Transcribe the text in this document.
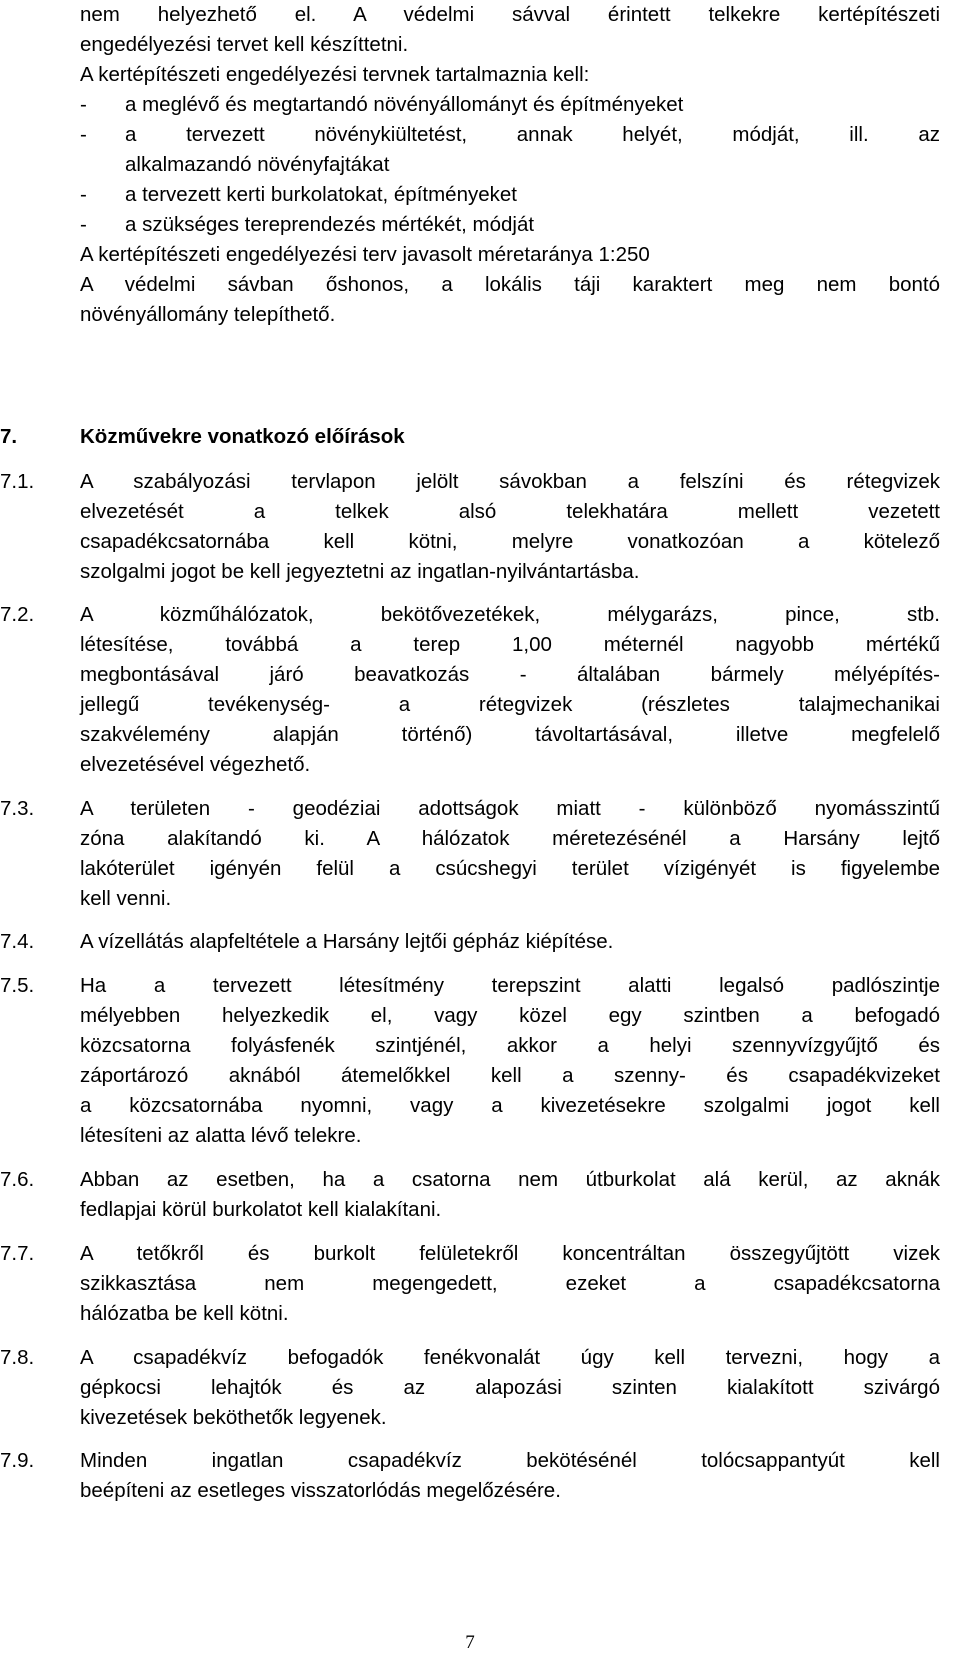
nem helyezhető el. A védelmi sávval érintett telkekre kertépítészeti
engedélyezési tervet kell készíttetni.
A kertépítészeti engedélyezési tervnek tartalmaznia kell:
- a meglévő és megtartandó növényállományt és építményeket
- a tervezett növénykiültetést, annak helyét, módját, ill. az
alkalmazandó növényfajtákat
- a tervezett kerti burkolatokat, építményeket
- a szükséges tereprendezés mértékét, módját
A kertépítészeti engedélyezési terv javasolt méretaránya 1:250
A védelmi sávban őshonos, a lokális táji karaktert meg nem bontó
növényállomány telepíthető.
7.	Közművekre vonatkozó előírások
7.1. A szabályozási tervlapon jelölt sávokban a felszíni és rétegvizek
elvezetését a telkek alsó telekhatára mellett vezetett
csapadékcsatornába kell kötni, melyre vonatkozóan a kötelező
szolgalmi jogot be kell jegyeztetni az ingatlan-nyilvántartásba.
7.2. A közműhálózatok, bekötővezetékek, mélygarázs, pince, stb.
létesítése, továbbá a terep 1,00 méternél nagyobb mértékű
megbontásával járó beavatkozás - általában bármely mélyépítés-
jellegű tevékenység- a rétegvizek (részletes talajmechanikai
szakvélemény alapján történő) távoltartásával, illetve megfelelő
elvezetésével végezhető.
7.3. A területen - geodéziai adottságok miatt - különböző nyomásszintű
zóna alakítandó ki. A hálózatok méretezésénél a Harsány lejtő
lakóterület igényén felül a csúcshegyi terület vízigényét is figyelembe
kell venni.
7.4. A vízellátás alapfeltétele a Harsány lejtői gépház kiépítése.
7.5. Ha a tervezett létesítmény terepszint alatti legalsó padlószintje
mélyebben helyezkedik el, vagy közel egy szintben a befogadó
közcsatorna folyásfenék szintjénél, akkor a helyi szennyvízgyűjtő és
záportározó aknából átemelőkkel kell a szenny- és csapadékvizeket
a közcsatornába nyomni, vagy a kivezetésekre szolgalmi jogot kell
létesíteni az alatta lévő telekre.
7.6. Abban az esetben, ha a csatorna nem útburkolat alá kerül, az aknák
fedlapjai körül burkolatot kell kialakítani.
7.7. A tetőkről és burkolt felületekről koncentráltan összegyűjtött vizek
szikkasztása nem megengedett, ezeket a csapadékcsatorna
hálózatba be kell kötni.
7.8. A csapadékvíz befogadók fenékvonalát úgy kell tervezni, hogy a
gépkocsi lehajtók és az alapozási szinten kialakított szivárgó
kivezetések beköthetők legyenek.
7.9. Minden ingatlan csapadékvíz bekötésénél tolócsappantyút kell
beépíteni az esetleges visszatorlódás megelőzésére.
7
